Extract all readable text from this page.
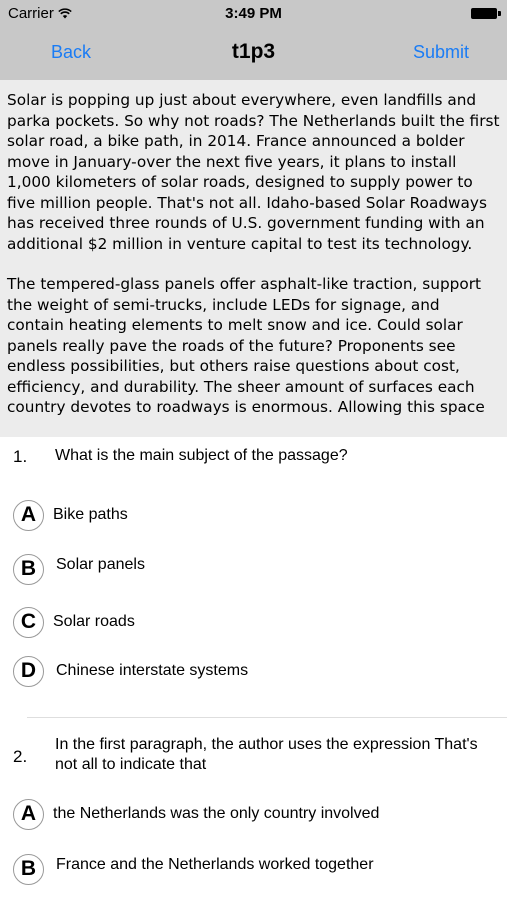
Carrier	3:49 PM
Back	t1p3	Submit

Solar is popping up just about everywhere, even landfills and parka pockets. So why not roads? The Netherlands built the first solar road, a bike path, in 2014. France announced a bolder move in January-over the next five years, it plans to install 1,000 kilometers of solar roads, designed to supply power to five million people. That's not all. Idaho-based Solar Roadways has received three rounds of U.S. government funding with an additional $2 million in venture capital to test its technology.

The tempered-glass panels offer asphalt-like traction, support the weight of semi-trucks, include LEDs for signage, and contain heating elements to melt snow and ice. Could solar panels really pave the roads of the future? Proponents see endless possibilities, but others raise questions about cost, efficiency, and durability. The sheer amount of surfaces each country devotes to roadways is enormous. Allowing this space

1. What is the main subject of the passage?
A	Bike paths
B	Solar panels
C	Solar roads
D	Chinese interstate systems
2.
In the first paragraph, the author uses the expression That's not all to indicate that
A	the Netherlands was the only country involved
B	France and the Netherlands worked together
